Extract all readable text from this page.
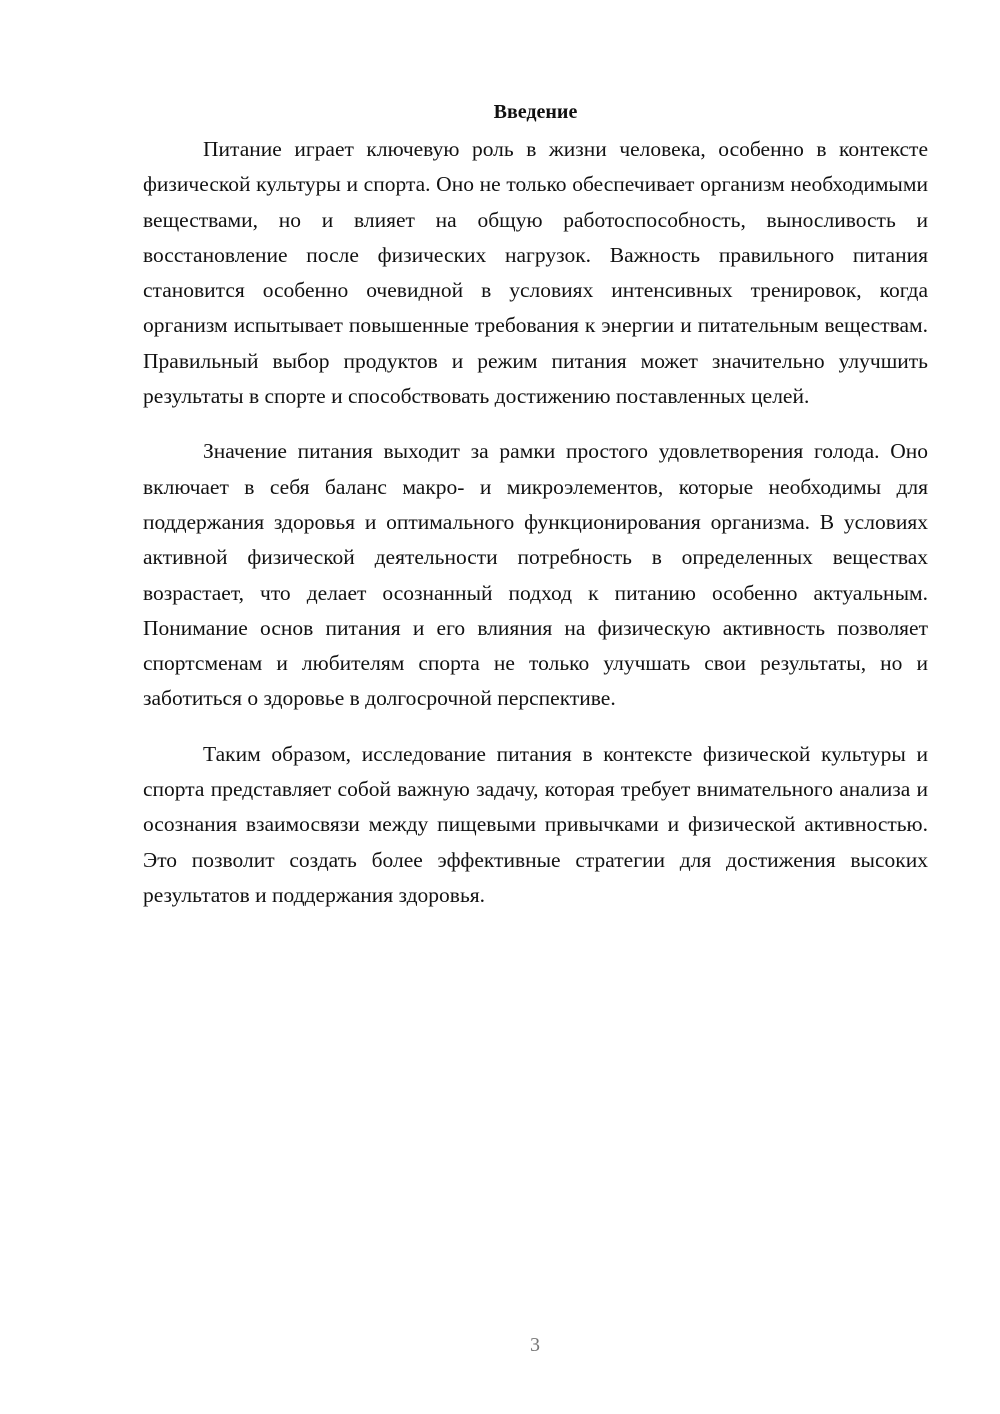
Введение

Питание играет ключевую роль в жизни человека, особенно в контексте физической культуры и спорта. Оно не только обеспечивает организм необходимыми веществами, но и влияет на общую работоспособность, выносливость и восстановление после физических нагрузок. Важность правильного питания становится особенно очевидной в условиях интенсивных тренировок, когда организм испытывает повышенные требования к энергии и питательным веществам. Правильный выбор продуктов и режим питания может значительно улучшить результаты в спорте и способствовать достижению поставленных целей.

Значение питания выходит за рамки простого удовлетворения голода. Оно включает в себя баланс макро- и микроэлементов, которые необходимы для поддержания здоровья и оптимального функционирования организма. В условиях активной физической деятельности потребность в определенных веществах возрастает, что делает осознанный подход к питанию особенно актуальным. Понимание основ питания и его влияния на физическую активность позволяет спортсменам и любителям спорта не только улучшать свои результаты, но и заботиться о здоровье в долгосрочной перспективе.

Таким образом, исследование питания в контексте физической культуры и спорта представляет собой важную задачу, которая требует внимательного анализа и осознания взаимосвязи между пищевыми привычками и физической активностью. Это позволит создать более эффективные стратегии для достижения высоких результатов и поддержания здоровья.

3
